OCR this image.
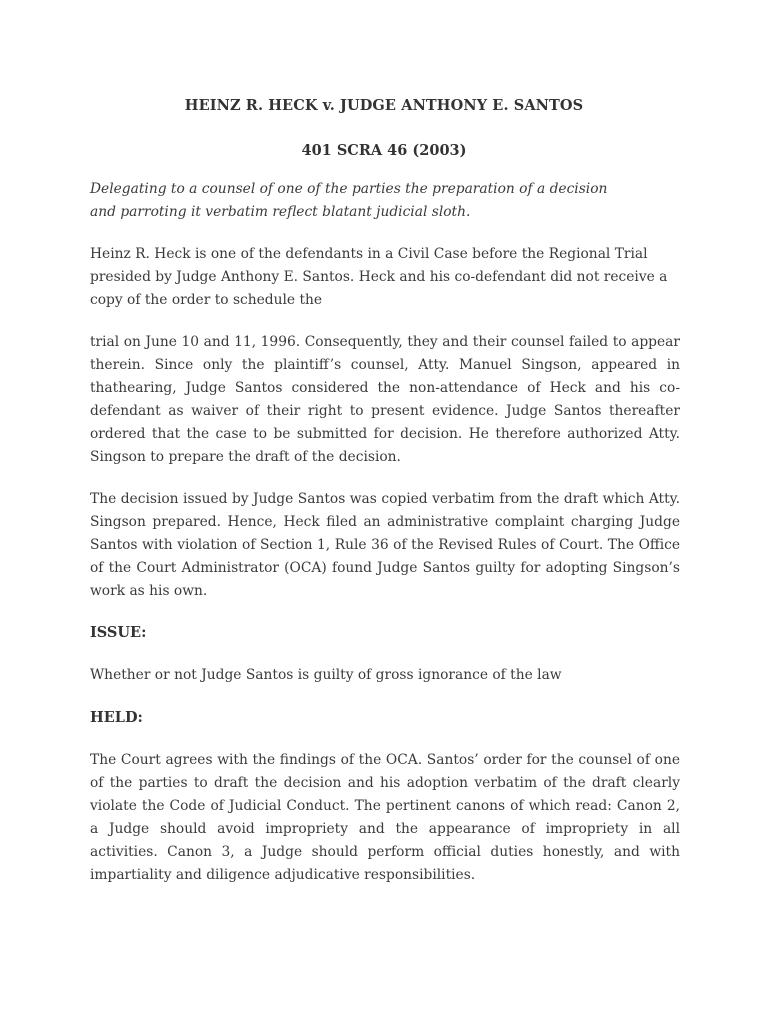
HEINZ R. HECK v. JUDGE ANTHONY E. SANTOS
401 SCRA 46 (2003)

Delegating to a counsel of one of the parties the preparation of a decision and parroting it verbatim reflect blatant judicial sloth.

Heinz R. Heck is one of the defendants in a Civil Case before the Regional Trial presided by Judge Anthony E. Santos. Heck and his co-defendant did not receive a copy of the order to schedule the

trial on June 10 and 11, 1996. Consequently, they and their counsel failed to appear therein. Since only the plaintiff’s counsel, Atty. Manuel Singson, appeared in thathearing, Judge Santos considered the non-attendance of Heck and his co-defendant as waiver of their right to present evidence. Judge Santos thereafter ordered that the case to be submitted for decision. He therefore authorized Atty. Singson to prepare the draft of the decision.

The decision issued by Judge Santos was copied verbatim from the draft which Atty. Singson prepared. Hence, Heck filed an administrative complaint charging Judge Santos with violation of Section 1, Rule 36 of the Revised Rules of Court. The Office of the Court Administrator (OCA) found Judge Santos guilty for adopting Singson’s work as his own.

ISSUE:

Whether or not Judge Santos is guilty of gross ignorance of the law

HELD:

The Court agrees with the findings of the OCA. Santos’ order for the counsel of one of the parties to draft the decision and his adoption verbatim of the draft clearly violate the Code of Judicial Conduct. The pertinent canons of which read: Canon 2, a Judge should avoid impropriety and the appearance of impropriety in all activities. Canon 3, a Judge should perform official duties honestly, and with impartiality and diligence adjudicative responsibilities.
